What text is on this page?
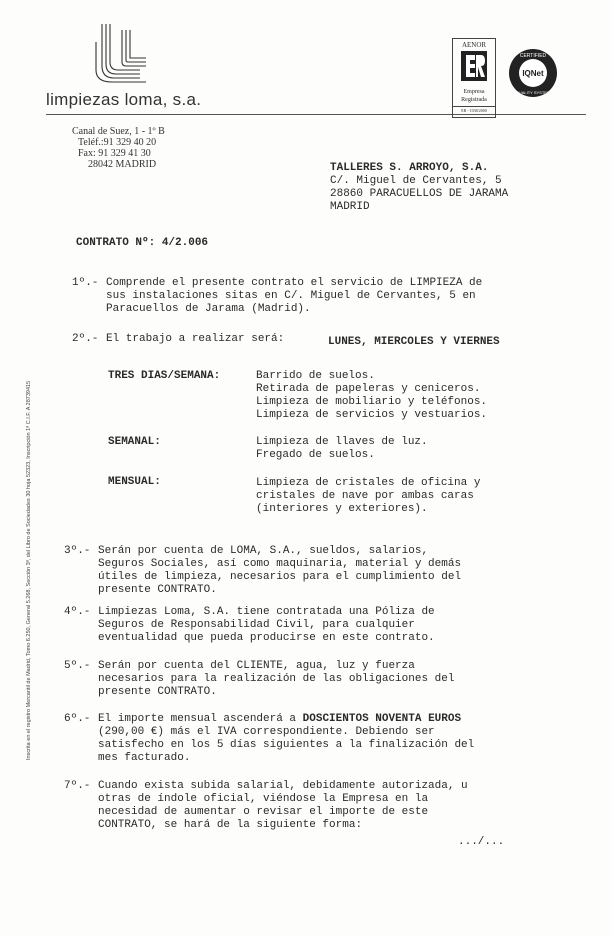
limpiezas loma, s.a.
Canal de Suez, 1 - 1º B
Teléf.:91 329 40 20
Fax: 91 329 41 30
28042 MADRID
AENOR
Empresa
Registrada
ER - 1038/2000
IQNet
CERTIFIED
QUALITY SYSTEM
TALLERES S. ARROYO, S.A.
C/. Miguel de Cervantes, 5
28860 PARACUELLOS DE JARAMA
MADRID
CONTRATO Nº: 4/2.006
1º.- Comprende el presente contrato el servicio de LIMPIEZA de
sus instalaciones sitas en C/. Miguel de Cervantes, 5 en
Paracuellos de Jarama (Madrid).
2º.- El trabajo a realizar será:	LUNES, MIERCOLES Y VIERNES
TRES DIAS/SEMANA:	Barrido de suelos.
Retirada de papeleras y ceniceros.
Limpieza de mobiliario y teléfonos.
Limpieza de servicios y vestuarios.
SEMANAL:	Limpieza de llaves de luz.
Fregado de suelos.
MENSUAL:	Limpieza de cristales de oficina y
cristales de nave por ambas caras
(interiores y exteriores).
3º.- Serán por cuenta de LOMA, S.A., sueldos, salarios,
Seguros Sociales, así como maquinaria, material y demás
útiles de limpieza, necesarios para el cumplimiento del
presente CONTRATO.
4º.- Limpiezas Loma, S.A. tiene contratada una Póliza de
Seguros de Responsabilidad Civil, para cualquier
eventualidad que pueda producirse en este contrato.
5º.- Serán por cuenta del CLIENTE, agua, luz y fuerza
necesarios para la realización de las obligaciones del
presente CONTRATO.
6º.- El importe mensual ascenderá a DOSCIENTOS NOVENTA EUROS
(290,00 €) más el IVA correspondiente. Debiendo ser
satisfecho en los 5 días siguientes a la finalización del
mes facturado.
7º.- Cuando exista subida salarial, debidamente autorizada, u
otras de índole oficial, viéndose la Empresa en la
necesidad de aumentar o revisar el importe de este
CONTRATO, se hará de la siguiente forma:
.../...
Inscrita en el registro Mercantil de Madrid, Tomo 6.250, General 5.268, Sección 3ª, del Libro de Sociedades 30 hoja 52323, Inscripción 1ª C.I.F. A 28739415
